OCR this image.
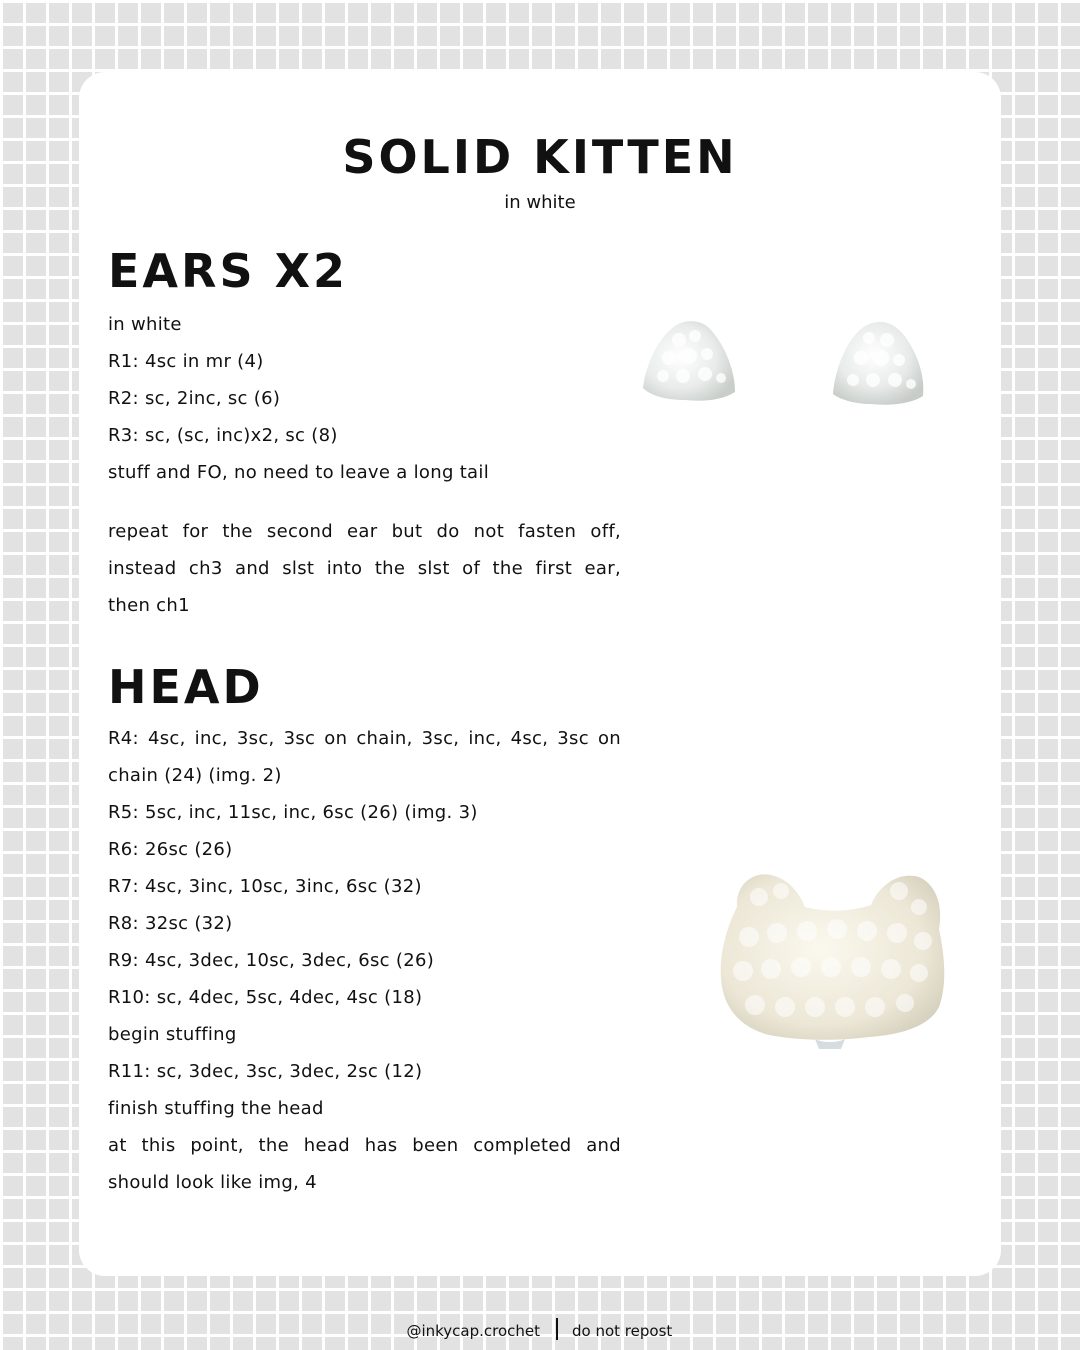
SOLID KITTEN

in white

EARS X2
in white
R1: 4sc in mr (4)
R2: sc, 2inc, sc (6)
R3: sc, (sc, inc)x2, sc (8)
stuff and FO, no need to leave a long tail
repeat for the second ear but do not fasten off,
instead ch3 and slst into the slst of the first ear,
then ch1
HEAD
R4: 4sc, inc, 3sc, 3sc on chain, 3sc, inc, 4sc, 3sc on
chain (24) (img. 2)
R5: 5sc, inc, 11sc, inc, 6sc (26) (img. 3)
R6: 26sc (26)
R7: 4sc, 3inc, 10sc, 3inc, 6sc (32)
R8: 32sc (32)
R9: 4sc, 3dec, 10sc, 3dec, 6sc (26)
R10: sc, 4dec, 5sc, 4dec, 4sc (18)
begin stuffing
R11: sc, 3dec, 3sc, 3dec, 2sc (12)
finish stuffing the head
at this point, the head has been completed and
should look like img, 4
@inkycap.crochet do not repost
